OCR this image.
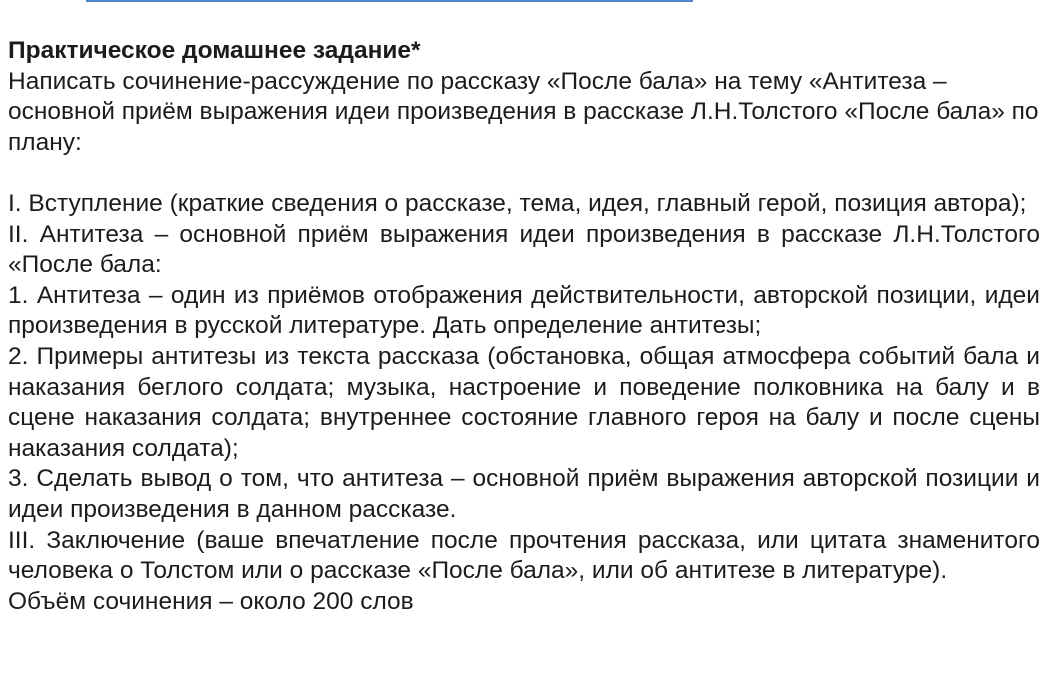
Практическое домашнее задание*

Написать сочинение-рассуждение по рассказу «После бала» на тему «Антитеза – основной приём выражения идеи произведения в рассказе Л.Н.Толстого «После бала» по плану:

I. Вступление (краткие сведения о рассказе, тема, идея, главный герой, позиция автора);

II. Антитеза – основной приём выражения идеи произведения в рассказе Л.Н.Толстого «После бала:

1. Антитеза – один из приёмов отображения действительности, авторской позиции, идеи произведения в русской литературе. Дать определение антитезы;

2. Примеры антитезы из текста рассказа (обстановка, общая атмосфера событий бала и наказания беглого солдата; музыка, настроение и поведение полковника на балу и в сцене наказания солдата; внутреннее состояние главного героя на балу и после сцены наказания солдата);

3. Сделать вывод о том, что антитеза – основной приём выражения авторской позиции и идеи произведения в данном рассказе.

III. Заключение (ваше впечатление после прочтения рассказа, или цитата знаменитого человека о Толстом или о рассказе «После бала», или об антитезе в литературе).

Объём сочинения – около 200 слов
